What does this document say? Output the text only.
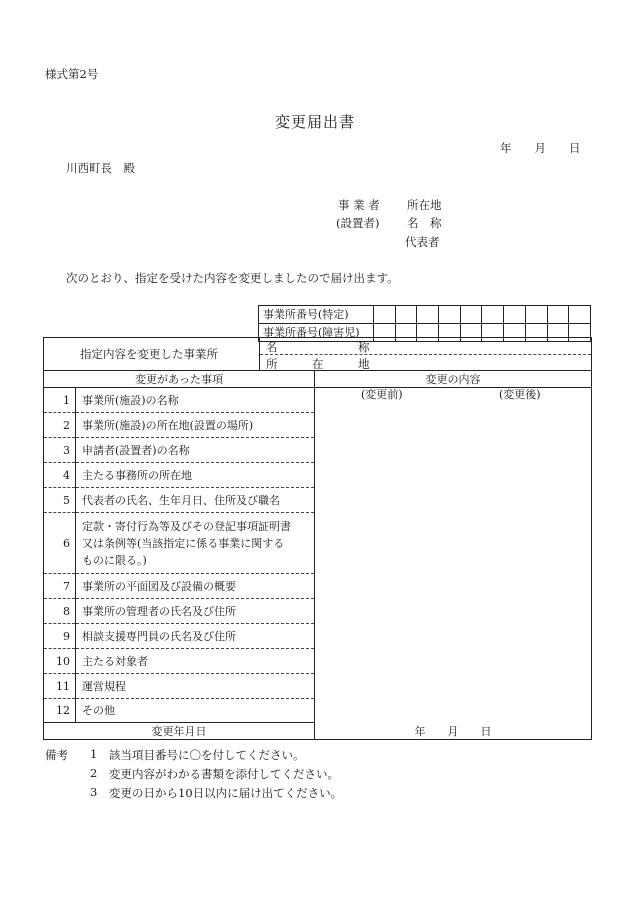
様式第2号
変更届出書
年　　月　　日
川西町長　殿
事 業 者 所在地
(設置者) 名　称
代表者
次のとおり、指定を受けた内容を変更しましたので届け出ます。
事業所番号(特定)										
事業所番号(障害児)										
指定内容を変更した事業所	名　　　　　　　称
所　　　在　　　地
変更があった事項		変更の内容
1	事業所(施設)の名称	(変更前) (変更後)

2	事業所(施設)の所在地(設置の場所)	
3	申請者(設置者)の名称	
4	主たる事務所の所在地	
5	代表者の氏名、生年月日、住所及び職名	
6	定款・寄付行為等及びその登記事項証明書
又は条例等(当該指定に係る事業に関する
ものに限る。)	
7	事業所の平面図及び設備の概要	
8	事業所の管理者の氏名及び住所	
9	相談支援専門員の氏名及び住所	
10	主たる対象者	
11	運営規程	
12	その他	
変更年月日		年　　月　　日
備考 1 該当項目番号に〇を付してください。
2 変更内容がわかる書類を添付してください。
3 変更の日から10日以内に届け出てください。
